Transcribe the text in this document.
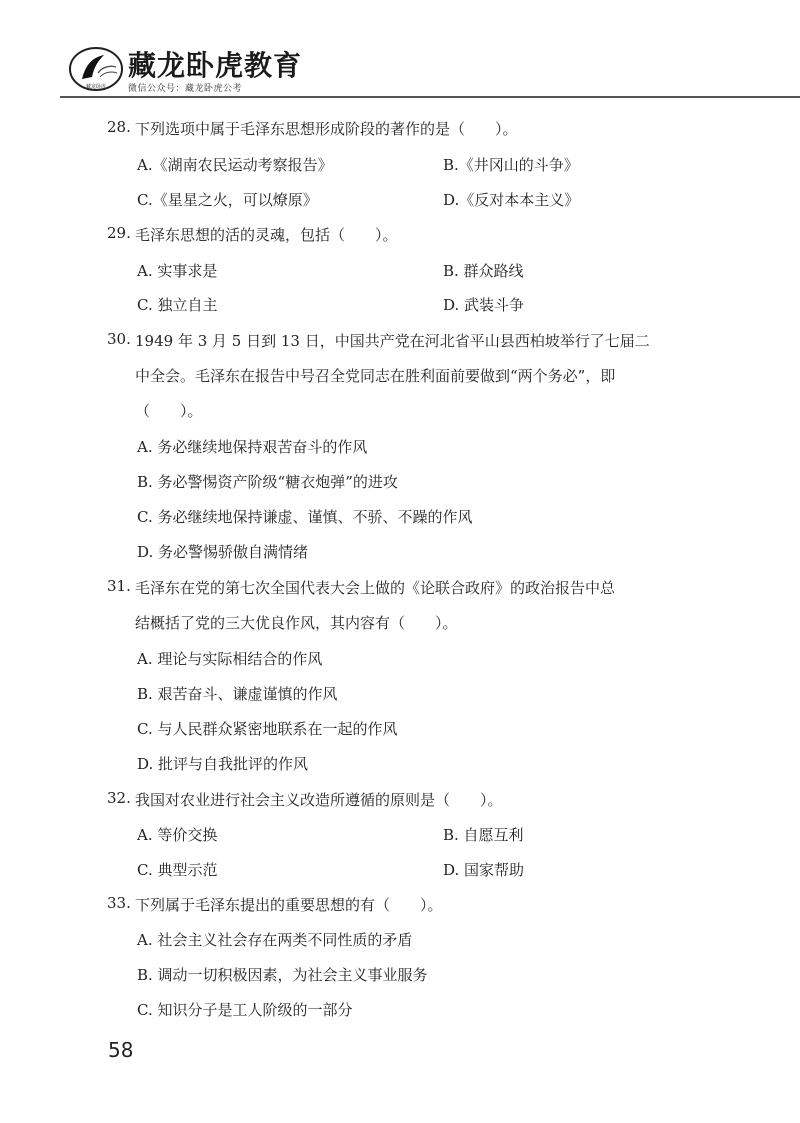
藏龙卧虎
藏龙卧虎教育
微信公众号：藏龙卧虎公考
28. 下列选项中属于毛泽东思想形成阶段的著作的是（　　）。
A.《湖南农民运动考察报告》	B.《井冈山的斗争》
C.《星星之火，可以燎原》	D.《反对本本主义》
29. 毛泽东思想的活的灵魂，包括（　　）。
A. 实事求是	B. 群众路线
C. 独立自主	D. 武装斗争
30. 1949 年 3 月 5 日到 13 日，中国共产党在河北省平山县西柏坡举行了七届二
中全会。毛泽东在报告中号召全党同志在胜利面前要做到“两个务必”，即
（　　）。
A. 务必继续地保持艰苦奋斗的作风
B. 务必警惕资产阶级“糖衣炮弹”的进攻
C. 务必继续地保持谦虚、谨慎、不骄、不躁的作风
D. 务必警惕骄傲自满情绪
31. 毛泽东在党的第七次全国代表大会上做的《论联合政府》的政治报告中总
结概括了党的三大优良作风，其内容有（　　）。
A. 理论与实际相结合的作风
B. 艰苦奋斗、谦虚谨慎的作风
C. 与人民群众紧密地联系在一起的作风
D. 批评与自我批评的作风
32. 我国对农业进行社会主义改造所遵循的原则是（　　）。
A. 等价交换	B. 自愿互利
C. 典型示范	D. 国家帮助
33. 下列属于毛泽东提出的重要思想的有（　　）。
A. 社会主义社会存在两类不同性质的矛盾
B. 调动一切积极因素，为社会主义事业服务
C. 知识分子是工人阶级的一部分
58
